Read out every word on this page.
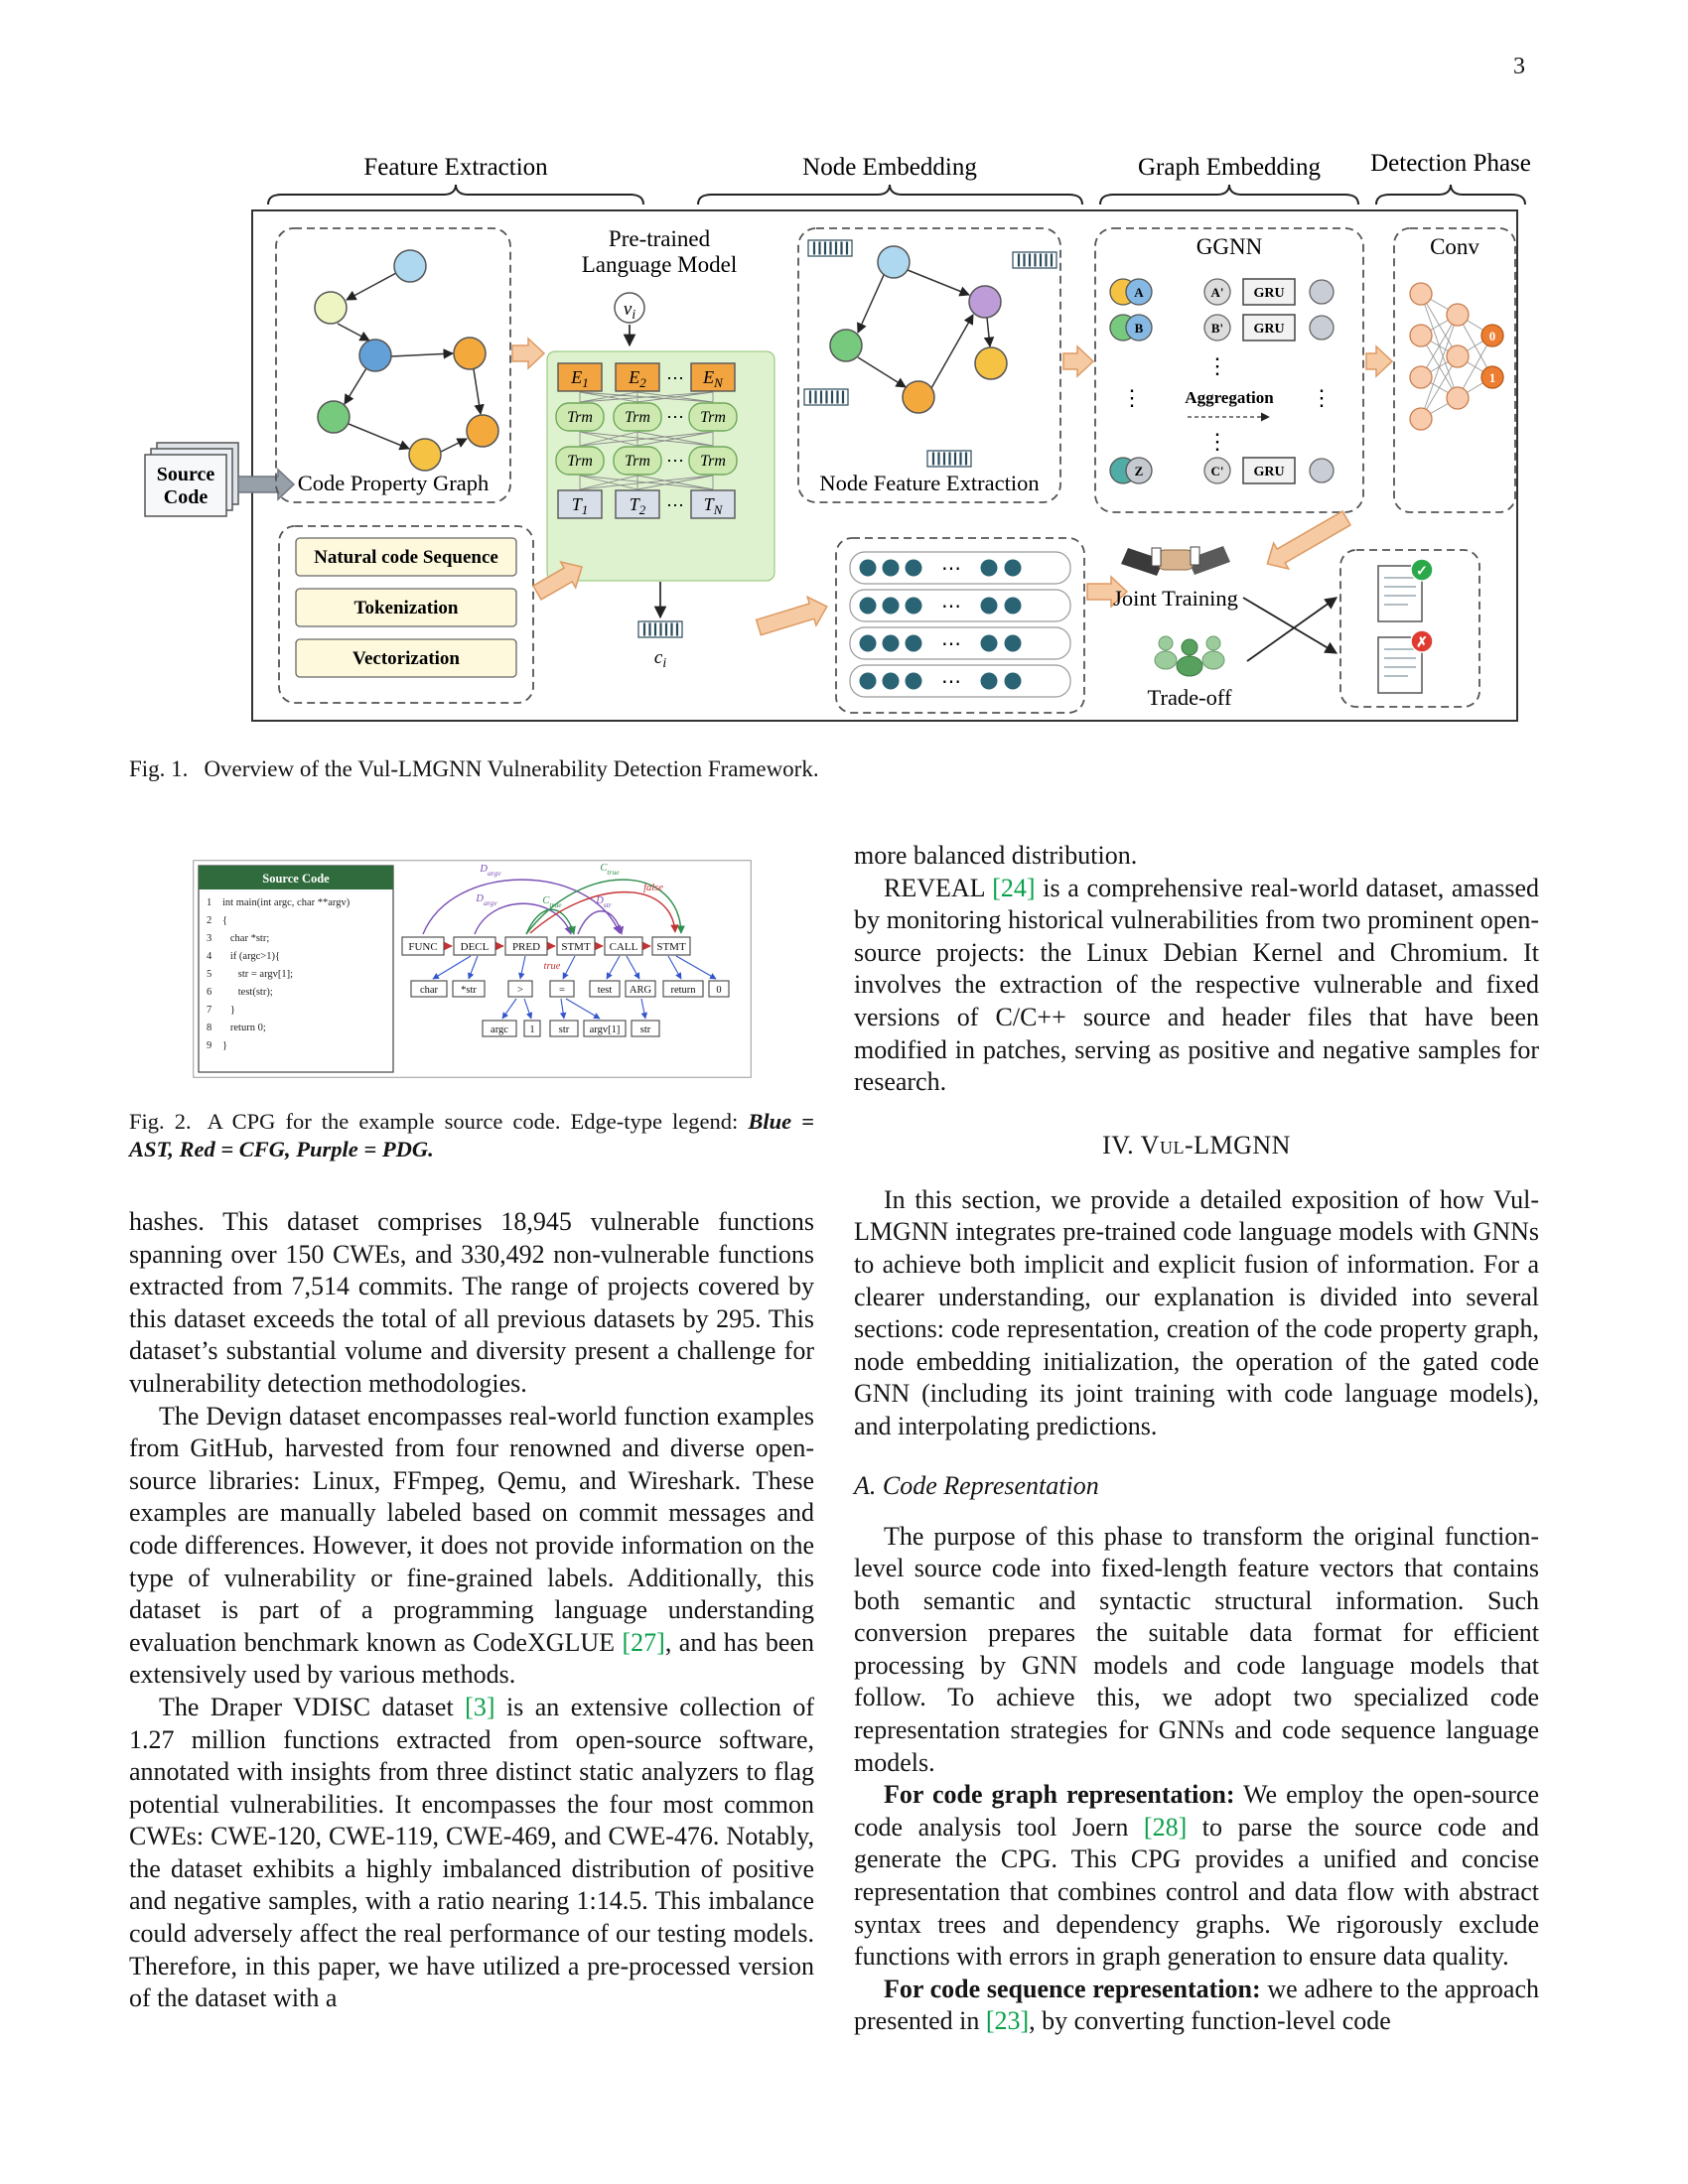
3
Feature Extraction	Node Embedding	Graph Embedding Detection Phase
Source
Code
Code Property Graph
Pre-trained
Language Model
$v_i$
$E_1$ $E_2$ ⋯ $E_N$
Trm Trm ⋯ Trm
Trm Trm ⋯ Trm
$T_1$ $T_2$ ⋯ $T_N$
$c_i$
Natural code Sequence
Tokenization
Vectorization
Node Feature Extraction
GGNN
A
B
Z
A' GRU
B' GRU
C' GRU
⋮
⋮
⋮
⋮
Aggregation
Conv
0
1
⋯
⋯
⋯
⋯
Joint Training
Trade-off
✓
✗

Fig. 1. Overview of the Vul-LMGNN Vulnerability Detection Framework.

Source Code
1 int main(int argc, char **argv)
2 {
3 char *str;
4 if (argc>1){
5 str = argv[1];
6 test(str);
7 }
8 return 0;
9 }
$D_{argv}$	$C_{true}$
$D_{argv}$	$C_{true}$	$D_{str}$
false
FUNC DECL PRED STMT CALL STMT
true
char *str	>	=	test ARG return 0
argc 1 str argv[1] str

Fig. 2. A CPG for the example source code. Edge-type legend: Blue = AST, Red = CFG, Purple = PDG.

hashes. This dataset comprises 18,945 vulnerable functions spanning over 150 CWEs, and 330,492 non-vulnerable functions extracted from 7,514 commits. The range of projects covered by this dataset exceeds the total of all previous datasets by 295. This dataset’s substantial volume and diversity present a challenge for vulnerability detection methodologies.

The Devign dataset encompasses real-world function examples from GitHub, harvested from four renowned and diverse open-source libraries: Linux, FFmpeg, Qemu, and Wireshark. These examples are manually labeled based on commit messages and code differences. However, it does not provide information on the type of vulnerability or fine-grained labels. Additionally, this dataset is part of a programming language understanding evaluation benchmark known as CodeXGLUE [27], and has been extensively used by various methods.

The Draper VDISC dataset [3] is an extensive collection of 1.27 million functions extracted from open-source software, annotated with insights from three distinct static analyzers to flag potential vulnerabilities. It encompasses the four most common CWEs: CWE-120, CWE-119, CWE-469, and CWE-476. Notably, the dataset exhibits a highly imbalanced distribution of positive and negative samples, with a ratio nearing 1:14.5. This imbalance could adversely affect the real performance of our testing models. Therefore, in this paper, we have utilized a pre-processed version of the dataset with a

more balanced distribution.

REVEAL [24] is a comprehensive real-world dataset, amassed by monitoring historical vulnerabilities from two prominent open-source projects: the Linux Debian Kernel and Chromium. It involves the extraction of the respective vulnerable and fixed versions of C/C++ source and header files that have been modified in patches, serving as positive and negative samples for research.

IV. Vul-LMGNN

In this section, we provide a detailed exposition of how Vul-LMGNN integrates pre-trained code language models with GNNs to achieve both implicit and explicit fusion of information. For a clearer understanding, our explanation is divided into several sections: code representation, creation of the code property graph, node embedding initialization, the operation of the gated code GNN (including its joint training with code language models), and interpolating predictions.

A. Code Representation

The purpose of this phase to transform the original function-level source code into fixed-length feature vectors that contains both semantic and syntactic structural information. Such conversion prepares the suitable data format for efficient processing by GNN models and code language models that follow. To achieve this, we adopt two specialized code representation strategies for GNNs and code sequence language models.

For code graph representation: We employ the open-source code analysis tool Joern [28] to parse the source code and generate the CPG. This CPG provides a unified and concise representation that combines control and data flow with abstract syntax trees and dependency graphs. We rigorously exclude functions with errors in graph generation to ensure data quality.

For code sequence representation: we adhere to the approach presented in [23], by converting function-level code
